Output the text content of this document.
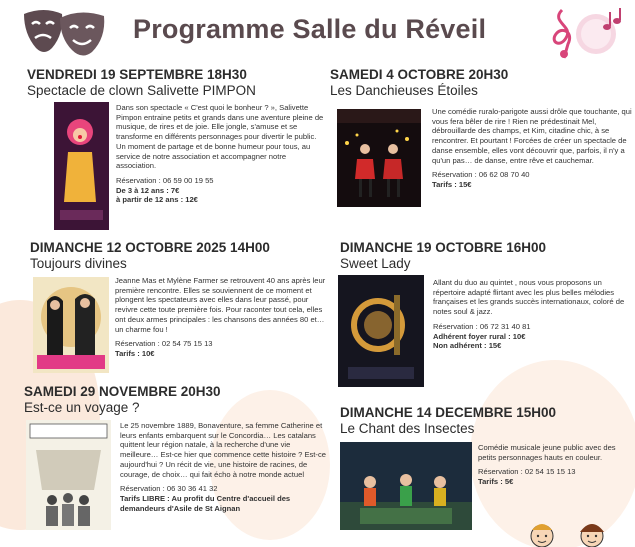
Programme Salle du Réveil
VENDREDI 19 SEPTEMBRE 18H30
Spectacle de clown Salivette PIMPON

Dans son spectacle « C'est quoi le bonheur ? », Salivette Pimpon entraine petits et grands dans une aventure pleine de musique, de rires et de joie. Elle jongle, s'amuse et se transforme en différents personnages pour divertir le public. Un moment de partage et de bonne humeur pour tous, au service de notre association et accompagner notre association.

Réservation : 06 59 00 19 55

De 3 à 12 ans : 7€

à partir de 12 ans : 12€

SAMEDI 4 OCTOBRE 20H30
Les Danchieuses Étoiles

Une comédie ruralo-parigote aussi drôle que touchante, qui vous fera bêler de rire ! Rien ne prédestinait Mel, débrouillarde des champs, et Kim, citadine chic, à se rencontrer. Et pourtant ! Forcées de créer un spectacle de danse ensemble, elles vont découvrir que, parfois, il n'y a qu'un pas… de danse, entre rêve et cauchemar.

Réservation : 06 62 08 70 40

Tarifs : 15€

DIMANCHE 12 OCTOBRE 2025 14H00
Toujours divines

Jeanne Mas et Mylène Farmer se retrouvent 40 ans après leur première rencontre. Elles se souviennent de ce moment et plongent les spectateurs avec elles dans leur passé, pour revivre cette toute première fois. Pour raconter tout cela, elles ont deux armes principales : les chansons des années 80 et… un charme fou !

Réservation : 02 54 75 15 13

Tarifs : 10€

DIMANCHE 19 OCTOBRE 16H00
Sweet Lady

Allant du duo au quintet , nous vous proposons un répertoire adapté flirtant avec les plus belles mélodies françaises et les grands succès internationaux, coloré de notes soul & jazz.

Réservation : 06 72 31 40 81

Adhérent foyer rural : 10€

Non adhérent : 15€

SAMEDI 29 NOVEMBRE 20H30
Est-ce un voyage ?

Le 25 novembre 1889, Bonaventure, sa femme Catherine et leurs enfants embarquent sur le Concordia… Les catalans quittent leur région natale, à la recherche d'une vie meilleure… Est-ce hier que commence cette histoire ? Est-ce aujourd'hui ? Un récit de vie, une histoire de racines, de courage, de choix… qui fait écho à notre monde actuel

Réservation : 06 30 36 41 32

Tarifs LIBRE : Au profit du Centre d'accueil des demandeurs d'Asile de St Aignan

DIMANCHE 14 DECEMBRE 15H00
Le Chant des Insectes

Comédie musicale jeune public avec des petits personnages hauts en couleur.

Réservation : 02 54 15 15 13

Tarifs : 5€
